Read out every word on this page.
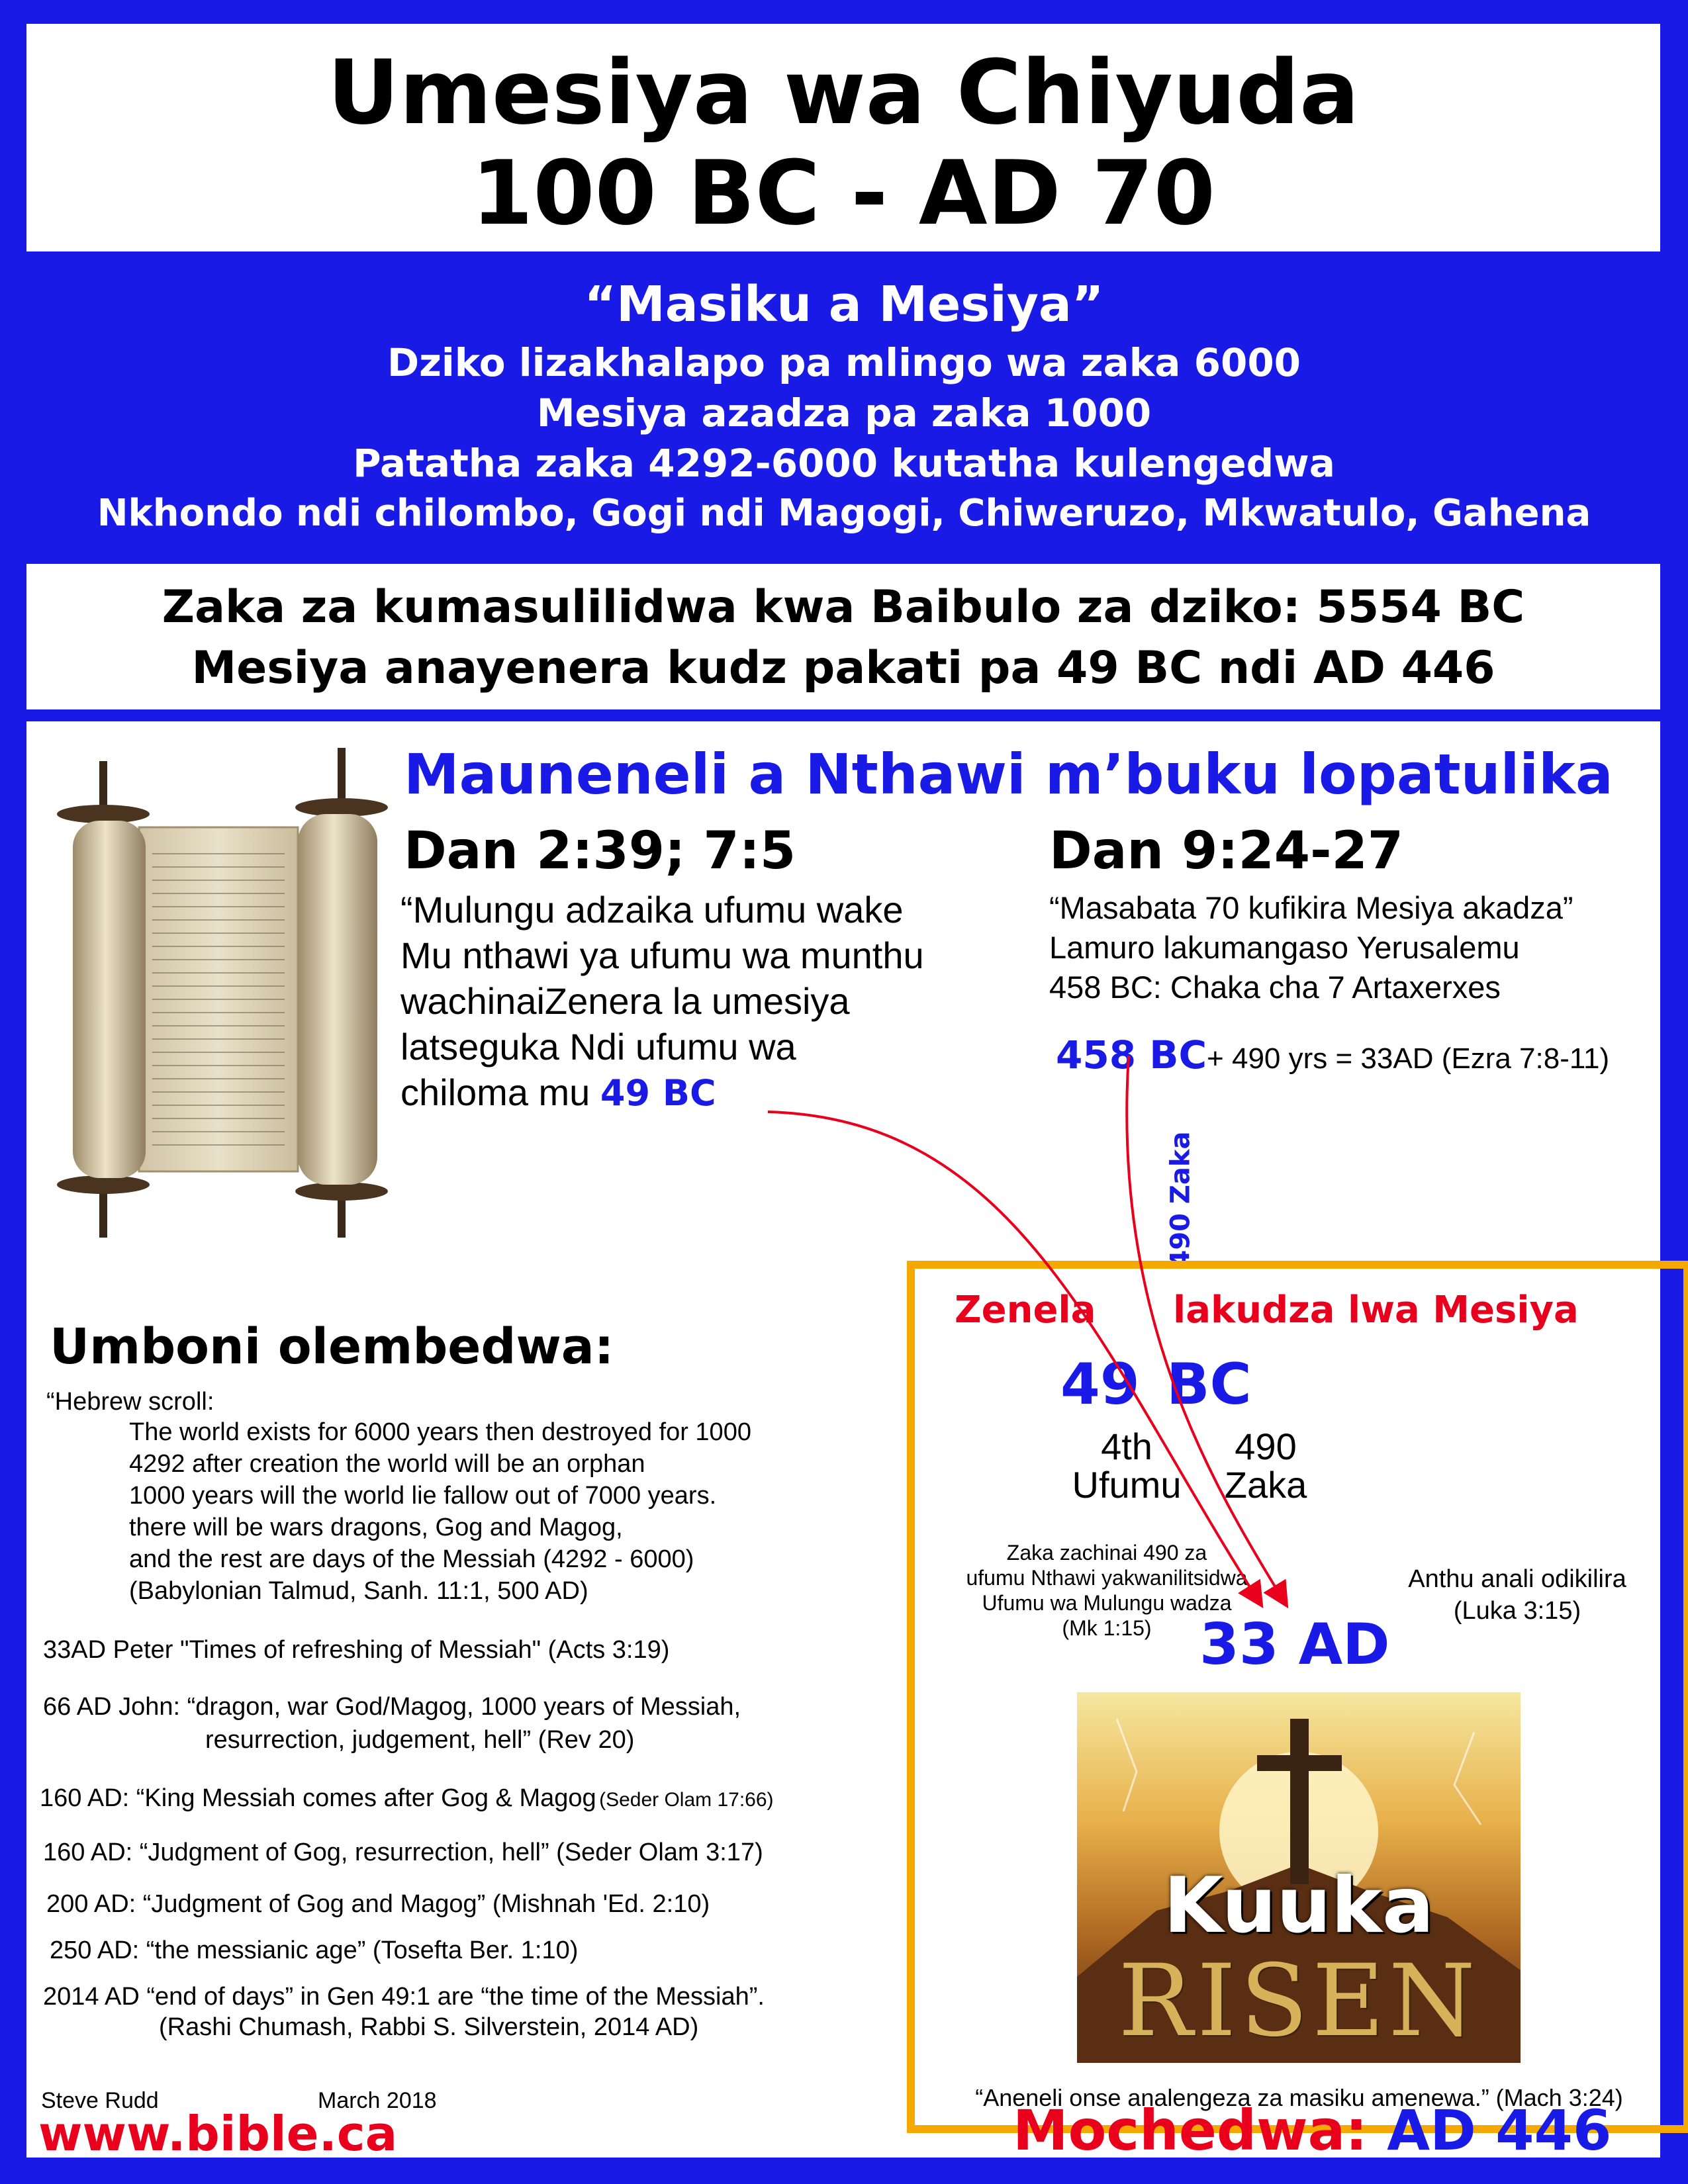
Umesiya wa Chiyuda
100 BC - AD 70
“Masiku a Mesiya”
Dziko lizakhalapo pa mlingo wa zaka 6000
Mesiya azadza pa zaka 1000
Patatha zaka 4292-6000 kutatha kulengedwa
Nkhondo ndi chilombo, Gogi ndi Magogi, Chiweruzo, Mkwatulo, Gahena
Zaka za kumasulilidwa kwa Baibulo za dziko: 5554 BC
Mesiya anayenera kudz pakati pa 49 BC ndi AD 446
Mauneneli a Nthawi m’buku lopatulika
Dan 2:39; 7:5
“Mulungu adzaika ufumu wake
Mu nthawi ya ufumu wa munthu
wachinaiZenera la umesiya
latseguka Ndi ufumu wa
chiloma mu 49 BC
Dan 9:24-27
“Masabata 70 kufikira Mesiya akadza”
Lamuro lakumangaso Yerusalemu
458 BC: Chaka cha 7 Artaxerxes
458 BC+ 490 yrs = 33AD (Ezra 7:8-11)
490 Zaka
Umboni olembedwa:
“Hebrew scroll:
The world exists for 6000 years then destroyed for 1000
4292 after creation the world will be an orphan
1000 years will the world lie fallow out of 7000 years.
there will be wars dragons, Gog and Magog,
and the rest are days of the Messiah (4292 - 6000)
(Babylonian Talmud, Sanh. 11:1, 500 AD)
33AD Peter "Times of refreshing of Messiah" (Acts 3:19)
66 AD John: “dragon, war God/Magog, 1000 years of Messiah,
resurrection, judgement, hell” (Rev 20)
160 AD: “King Messiah comes after Gog & Magog (Seder Olam 17:66)
160 AD: “Judgment of Gog, resurrection, hell” (Seder Olam 3:17)
200 AD: “Judgment of Gog and Magog” (Mishnah 'Ed. 2:10)
250 AD: “the messianic age” (Tosefta Ber. 1:10)
2014 AD “end of days” in Gen 49:1 are “the time of the Messiah”.
(Rashi Chumash, Rabbi S. Silverstein, 2014 AD)
Zenela lakudza lwa Mesiya
49 BC
4th
Ufumu
490
Zaka
Zaka zachinai 490 za
ufumu Nthawi yakwanilitsidwa
Ufumu wa Mulungu wadza
(Mk 1:15)
Anthu anali odikilira
(Luka 3:15)
33 AD
Kuuka
RISEN
“Aneneli onse analengeza za masiku amenewa.” (Mach 3:24)
Steve Rudd	March 2018
www.bible.ca	Mochedwa: AD 446
